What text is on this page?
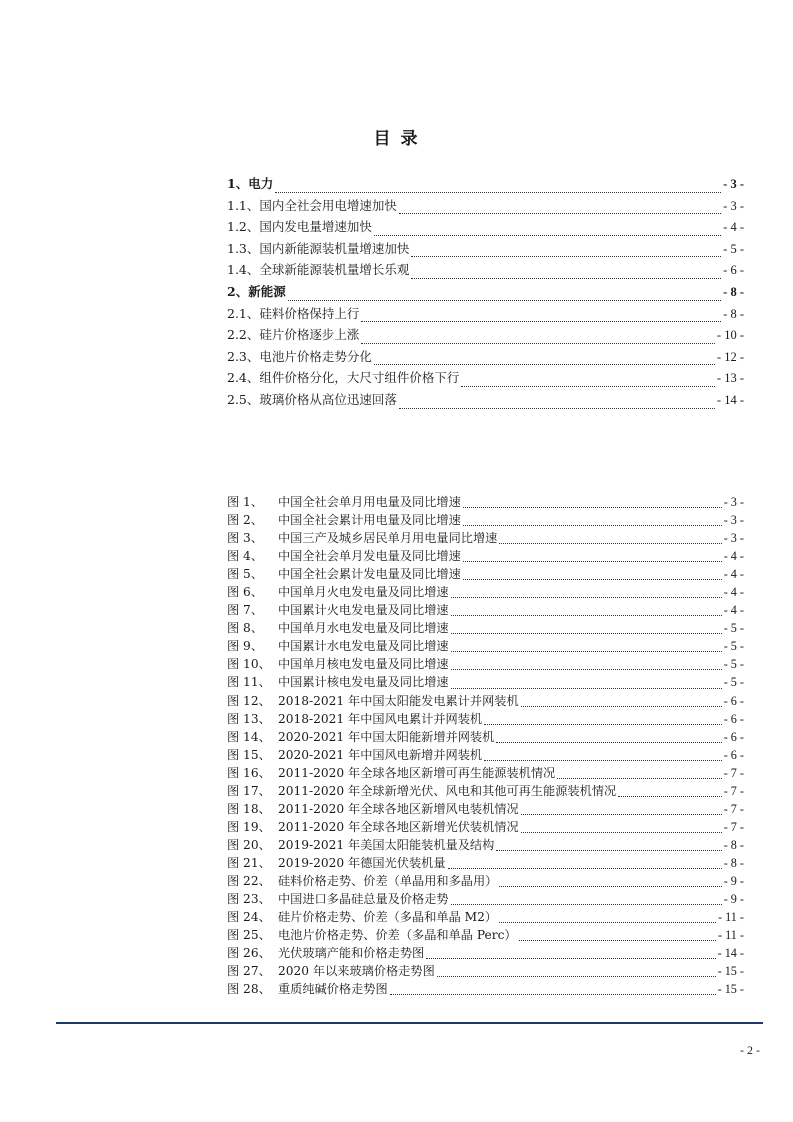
目 录
1、电力	- 3 -
1.1、国内全社会用电增速加快	- 3 -
1.2、国内发电量增速加快	- 4 -
1.3、国内新能源装机量增速加快	- 5 -
1.4、全球新能源装机量增长乐观	- 6 -
2、新能源	- 8 -
2.1、硅料价格保持上行	- 8 -
2.2、硅片价格逐步上涨	- 10 -
2.3、电池片价格走势分化	- 12 -
2.4、组件价格分化，大尺寸组件价格下行	- 13 -
2.5、玻璃价格从高位迅速回落	- 14 -
图 1、 中国全社会单月用电量及同比增速	- 3 -
图 2、 中国全社会累计用电量及同比增速	- 3 -
图 3、 中国三产及城乡居民单月用电量同比增速	- 3 -
图 4、 中国全社会单月发电量及同比增速	- 4 -
图 5、 中国全社会累计发电量及同比增速	- 4 -
图 6、 中国单月火电发电量及同比增速	- 4 -
图 7、 中国累计火电发电量及同比增速	- 4 -
图 8、 中国单月水电发电量及同比增速	- 5 -
图 9、 中国累计水电发电量及同比增速	- 5 -
图 10、 中国单月核电发电量及同比增速	- 5 -
图 11、 中国累计核电发电量及同比增速	- 5 -
图 12、 2018-2021 年中国太阳能发电累计并网装机	- 6 -
图 13、 2018-2021 年中国风电累计并网装机	- 6 -
图 14、 2020-2021 年中国太阳能新增并网装机	- 6 -
图 15、 2020-2021 年中国风电新增并网装机	- 6 -
图 16、 2011-2020 年全球各地区新增可再生能源装机情况	- 7 -
图 17、 2011-2020 年全球新增光伏、风电和其他可再生能源装机情况	- 7 -
图 18、 2011-2020 年全球各地区新增风电装机情况	- 7 -
图 19、 2011-2020 年全球各地区新增光伏装机情况	- 7 -
图 20、 2019-2021 年美国太阳能装机量及结构	- 8 -
图 21、 2019-2020 年德国光伏装机量	- 8 -
图 22、 硅料价格走势、价差（单晶用和多晶用）	- 9 -
图 23、 中国进口多晶硅总量及价格走势	- 9 -
图 24、 硅片价格走势、价差（多晶和单晶 M2）	- 11 -
图 25、 电池片价格走势、价差（多晶和单晶 Perc）	- 11 -
图 26、 光伏玻璃产能和价格走势图	- 14 -
图 27、 2020 年以来玻璃价格走势图	- 15 -
图 28、 重质纯碱价格走势图	- 15 -
- 2 -
